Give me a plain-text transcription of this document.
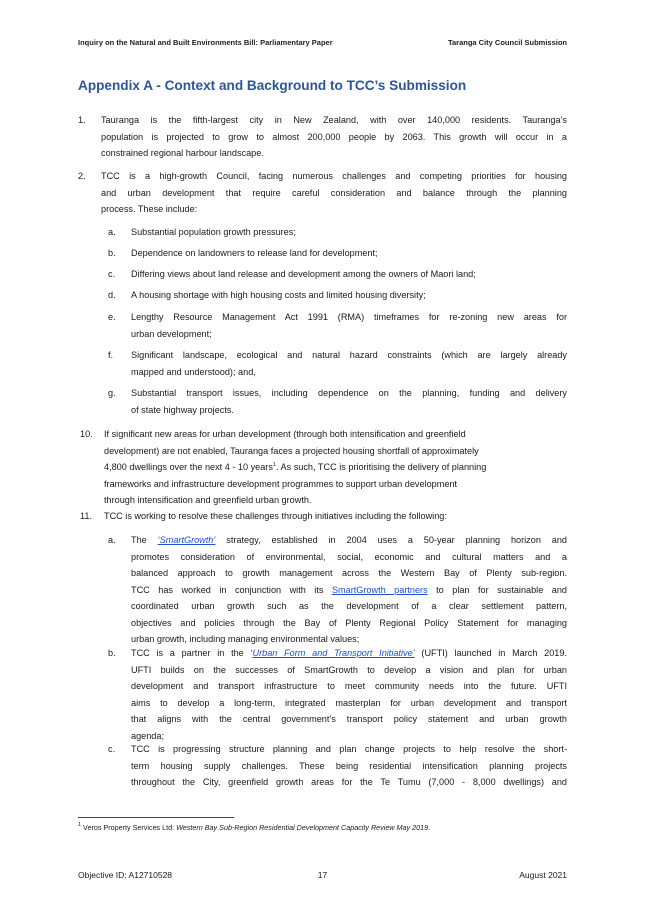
Inquiry on the Natural and Built Environments Bill: Parliamentary Paper	Taranga City Council Submission
Appendix A - Context and Background to TCC’s Submission
1. Tauranga is the fifth-largest city in New Zealand, with over 140,000 residents. Tauranga’s
population is projected to grow to almost 200,000 people by 2063. This growth will occur in a
constrained regional harbour landscape.
2. TCC is a high-growth Council, facing numerous challenges and competing priorities for housing
and urban development that require careful consideration and balance through the planning
process. These include:
a. Substantial population growth pressures;
b. Dependence on landowners to release land for development;
c. Differing views about land release and development among the owners of Maori land;
d. A housing shortage with high housing costs and limited housing diversity;
e. Lengthy Resource Management Act 1991 (RMA) timeframes for re-zoning new areas for
urban development;
f. Significant landscape, ecological and natural hazard constraints (which are largely already
mapped and understood); and,
g. Substantial transport issues, including dependence on the planning, funding and delivery
of state highway projects.
10. If significant new areas for urban development (through both intensification and greenfield
development) are not enabled, Tauranga faces a projected housing shortfall of approximately
4,800 dwellings over the next 4 - 10 years$^1$. As such, TCC is prioritising the delivery of planning
frameworks and infrastructure development programmes to support urban development
through intensification and greenfield urban growth.
11. TCC is working to resolve these challenges through initiatives including the following:
a. The ‘SmartGrowth’ strategy, established in 2004 uses a 50-year planning horizon and
promotes consideration of environmental, social, economic and cultural matters and a
balanced approach to growth management across the Western Bay of Plenty sub-region.
TCC has worked in conjunction with its SmartGrowth partners to plan for sustainable and
coordinated urban growth such as the development of a clear settlement pattern,
objectives and policies through the Bay of Plenty Regional Policy Statement for managing
urban growth, including managing environmental values;
b. TCC is a partner in the ‘Urban Form and Transport Initiative’ (UFTI) launched in March 2019.
UFTI builds on the successes of SmartGrowth to develop a vision and plan for urban
development and transport infrastructure to meet community needs into the future. UFTI
aims to develop a long-term, integrated masterplan for urban development and transport
that aligns with the central government’s transport policy statement and urban growth
agenda;
c. TCC is progressing structure planning and plan change projects to help resolve the short-
term housing supply challenges. These being residential intensification planning projects
throughout the City, greenfield growth areas for the Te Tumu (7,000 - 8,000 dwellings) and
$^1$ Veros Property Services Ltd: Western Bay Sub-Region Residential Development Capacity Review May 2019.
Objective ID: A12710528	17	August 2021
